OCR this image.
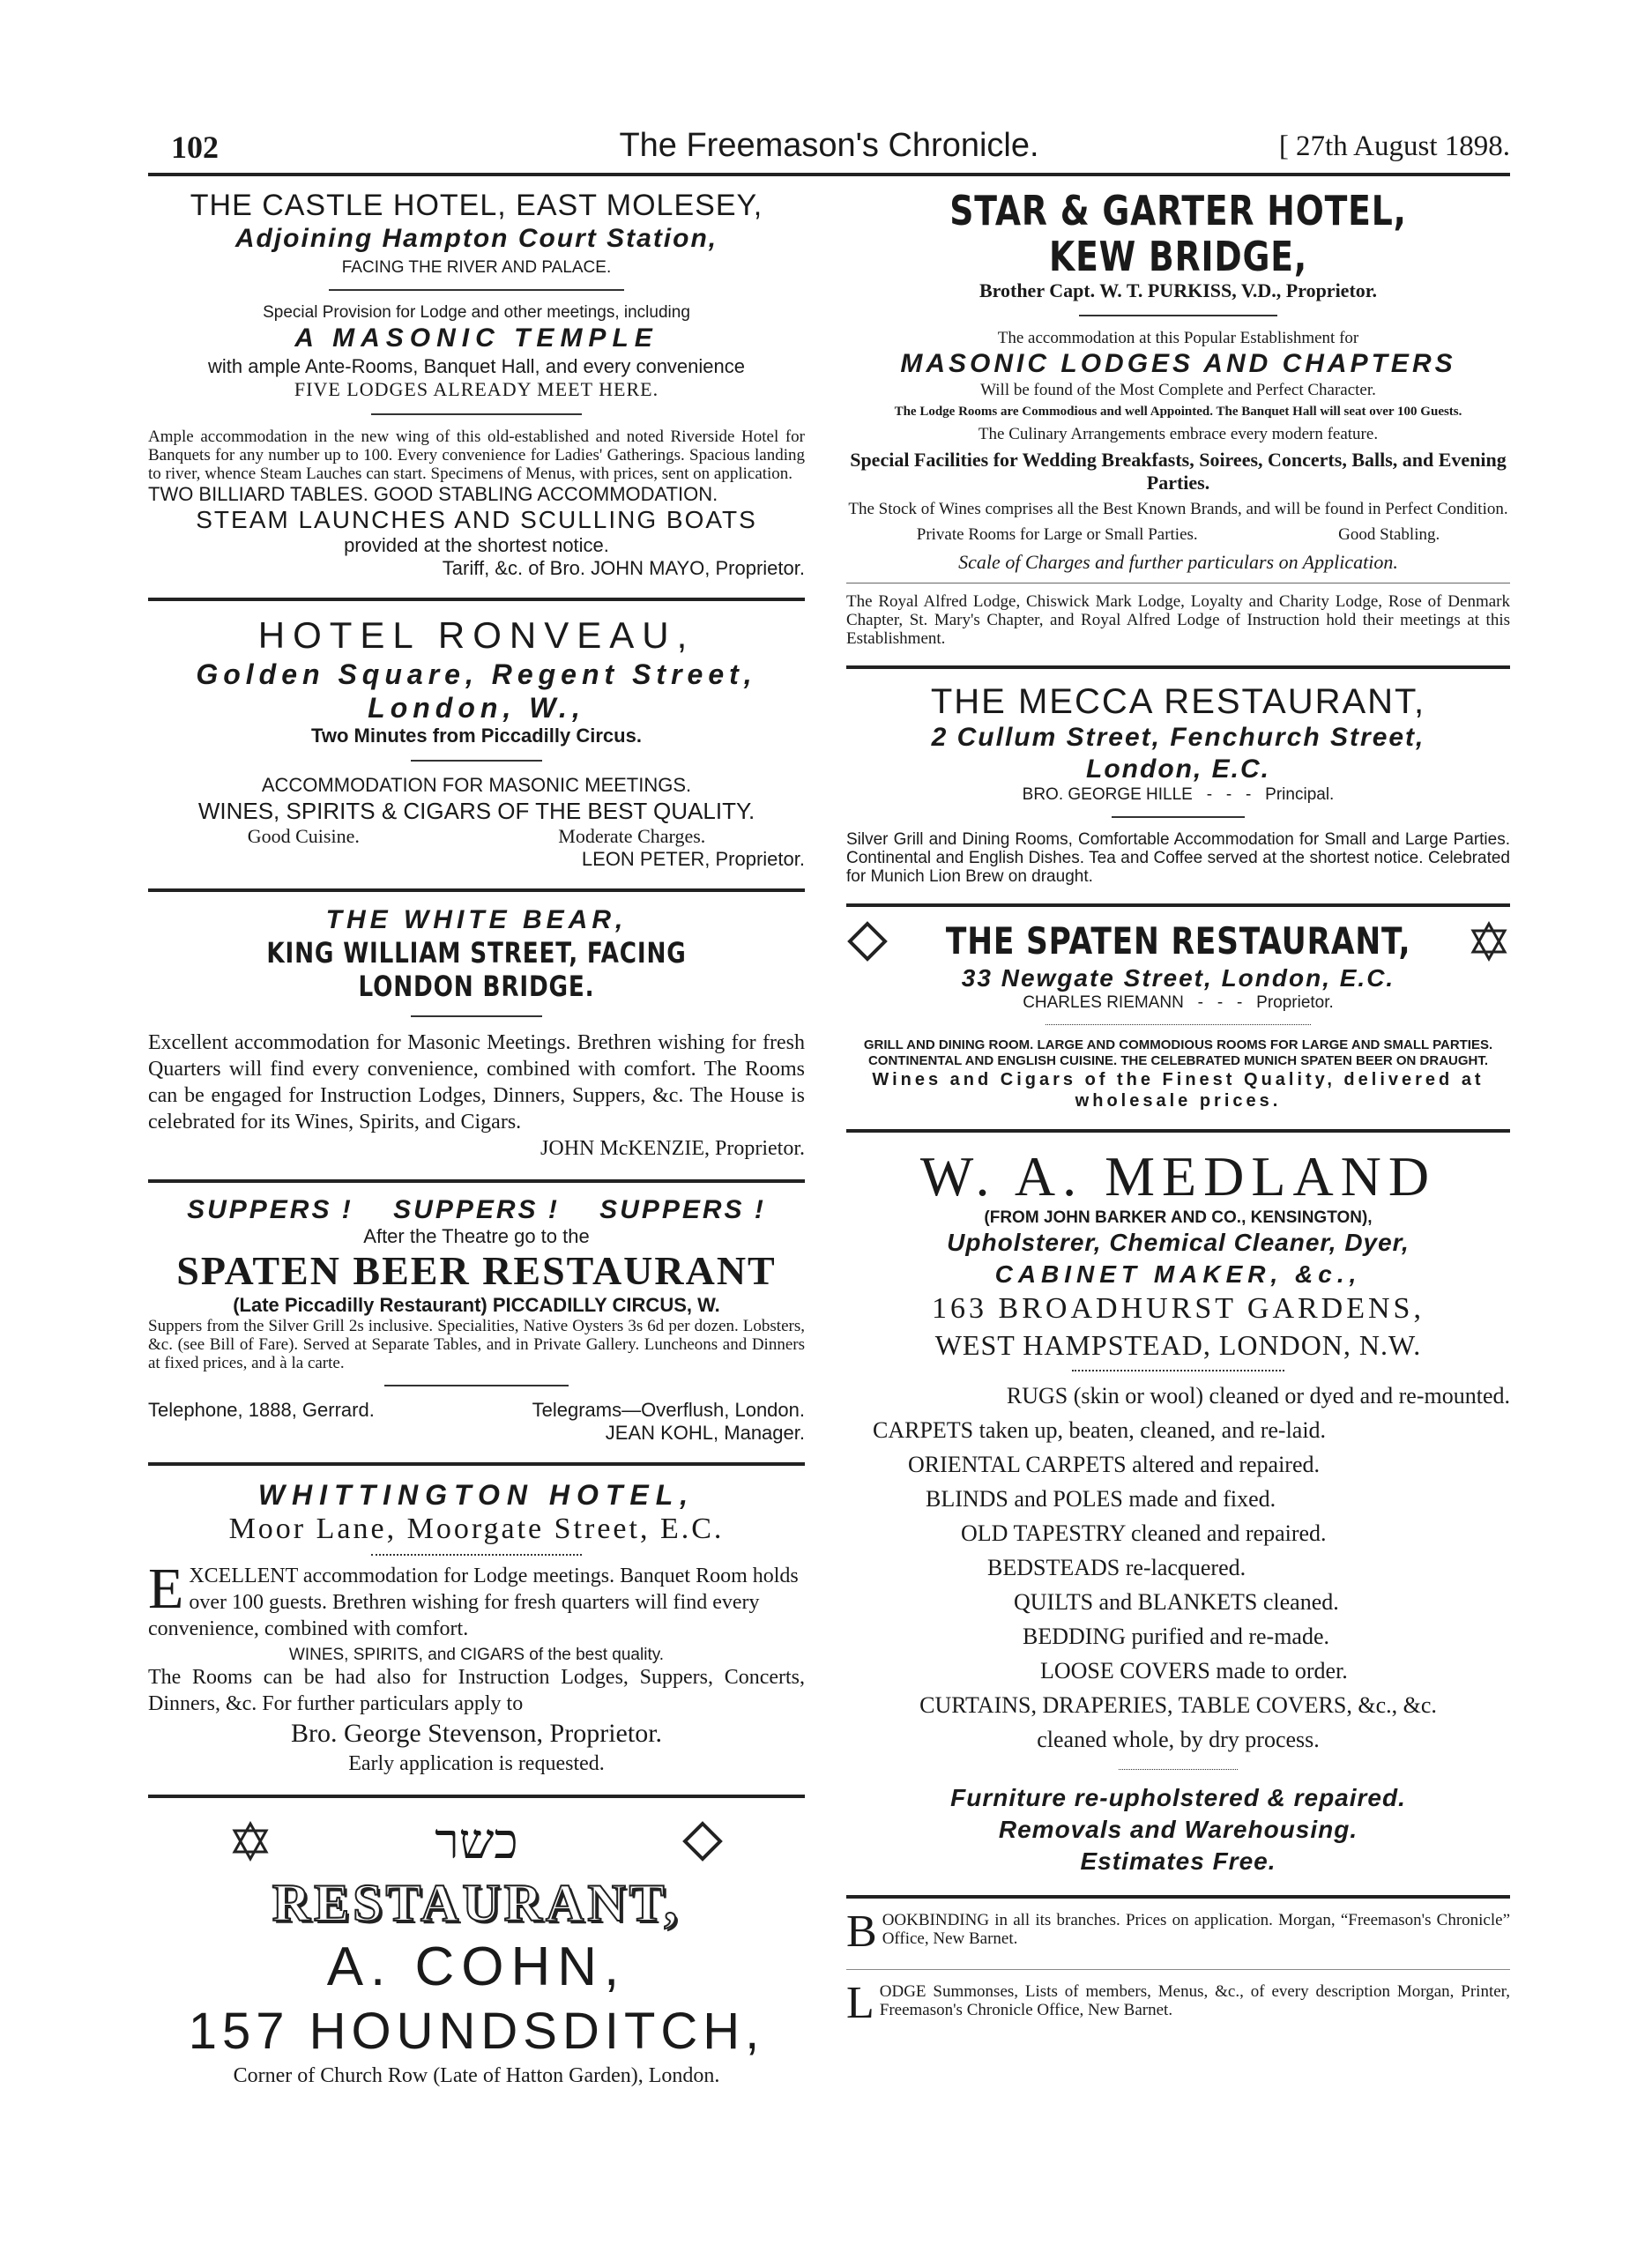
102	The Freemason's Chronicle.	[ 27th August 1898.
THE CASTLE HOTEL, EAST MOLESEY,
Adjoining Hampton Court Station,
FACING THE RIVER AND PALACE.
Special Provision for Lodge and other meetings, including
A MASONIC TEMPLE
with ample Ante-Rooms, Banquet Hall, and every convenience
FIVE LODGES ALREADY MEET HERE.

Ample accommodation in the new wing of this old-established and noted Riverside Hotel for Banquets for any number up to 100. Every convenience for Ladies' Gatherings. Spacious landing to river, whence Steam Lauches can start. Specimens of Menus, with prices, sent on application.

TWO BILLIARD TABLES. GOOD STABLING ACCOMMODATION.
STEAM LAUNCHES AND SCULLING BOATS
provided at the shortest notice.
Tariff, &c. of Bro. JOHN MAYO, Proprietor.
HOTEL RONVEAU,
Golden Square, Regent Street,
London, W.,
Two Minutes from Piccadilly Circus.
ACCOMMODATION FOR MASONIC MEETINGS.
WINES, SPIRITS & CIGARS OF THE BEST QUALITY.
Good Cuisine.	Moderate Charges.
LEON PETER, Proprietor.
THE WHITE BEAR,
KING WILLIAM STREET, FACING LONDON BRIDGE.

Excellent accommodation for Masonic Meetings. Brethren wishing for fresh Quarters will find every convenience, combined with comfort. The Rooms can be engaged for Instruction Lodges, Dinners, Suppers, &c. The House is celebrated for its Wines, Spirits, and Cigars.

JOHN McKENZIE, Proprietor.
SUPPERS !    SUPPERS !    SUPPERS !
After the Theatre go to the
SPATEN BEER RESTAURANT
(Late Piccadilly Restaurant) PICCADILLY CIRCUS, W.

Suppers from the Silver Grill 2s inclusive. Specialities, Native Oysters 3s 6d per dozen. Lobsters, &c. (see Bill of Fare). Served at Separate Tables, and in Private Gallery. Luncheons and Dinners at fixed prices, and à la carte.

Telephone, 1888, Gerrard.	Telegrams—Overflush, London.
JEAN KOHL, Manager.
WHITTINGTON HOTEL,
Moor Lane, Moorgate Street, E.C.

EXCELLENT accommodation for Lodge meetings. Banquet Room holds over 100 guests. Brethren wishing for fresh quarters will find every convenience, combined with comfort.

WINES, SPIRITS, and CIGARS of the best quality.

The Rooms can be had also for Instruction Lodges, Suppers, Concerts, Dinners, &c. For further particulars apply to

Bro. George Stevenson, Proprietor.
Early application is requested.
כשר
RESTAURANT,
A. COHN,
157 HOUNDSDITCH,
Corner of Church Row (Late of Hatton Garden), London.
STAR & GARTER HOTEL, KEW BRIDGE,
Brother Capt. W. T. PURKISS, V.D., Proprietor.
The accommodation at this Popular Establishment for
MASONIC LODGES AND CHAPTERS
Will be found of the Most Complete and Perfect Character.
The Lodge Rooms are Commodious and well Appointed. The Banquet Hall will seat over 100 Guests.
The Culinary Arrangements embrace every modern feature.
Special Facilities for Wedding Breakfasts, Soirees, Concerts, Balls, and Evening Parties.
The Stock of Wines comprises all the Best Known Brands, and will be found in Perfect Condition.
Private Rooms for Large or Small Parties.	Good Stabling.
Scale of Charges and further particulars on Application.

The Royal Alfred Lodge, Chiswick Mark Lodge, Loyalty and Charity Lodge, Rose of Denmark Chapter, St. Mary's Chapter, and Royal Alfred Lodge of Instruction hold their meetings at this Establishment.

THE MECCA RESTAURANT,
2 Cullum Street, Fenchurch Street,
London, E.C.
BRO. GEORGE HILLE   -   -   -   Principal.

Silver Grill and Dining Rooms, Comfortable Accommodation for Small and Large Parties. Continental and English Dishes. Tea and Coffee served at the shortest notice. Celebrated for Munich Lion Brew on draught.

THE SPATEN RESTAURANT,
33 Newgate Street, London, E.C.
CHARLES RIEMANN   -   -   -   Proprietor.

GRILL AND DINING ROOM. LARGE AND COMMODIOUS ROOMS FOR LARGE AND SMALL PARTIES. CONTINENTAL AND ENGLISH CUISINE. THE CELEBRATED MUNICH SPATEN BEER ON DRAUGHT.

Wines and Cigars of the Finest Quality, delivered at wholesale prices.

W. A. MEDLAND
(FROM JOHN BARKER AND CO., KENSINGTON),
Upholsterer, Chemical Cleaner, Dyer,
CABINET MAKER, &c.,
163 BROADHURST GARDENS,
WEST HAMPSTEAD, LONDON, N.W.
RUGS (skin or wool) cleaned or dyed and re-mounted.
CARPETS taken up, beaten, cleaned, and re-laid.
ORIENTAL CARPETS altered and repaired.
BLINDS and POLES made and fixed.
OLD TAPESTRY cleaned and repaired.
BEDSTEADS re-lacquered.
QUILTS and BLANKETS cleaned.
BEDDING purified and re-made.
LOOSE COVERS made to order.
CURTAINS, DRAPERIES, TABLE COVERS, &c., &c.
cleaned whole, by dry process.
Furniture re-upholstered & repaired.
Removals and Warehousing.
Estimates Free.

BOOKBINDING in all its branches. Prices on application. Morgan, “Freemason's Chronicle” Office, New Barnet.

LODGE Summonses, Lists of members, Menus, &c., of every description Morgan, Printer, Freemason's Chronicle Office, New Barnet.
